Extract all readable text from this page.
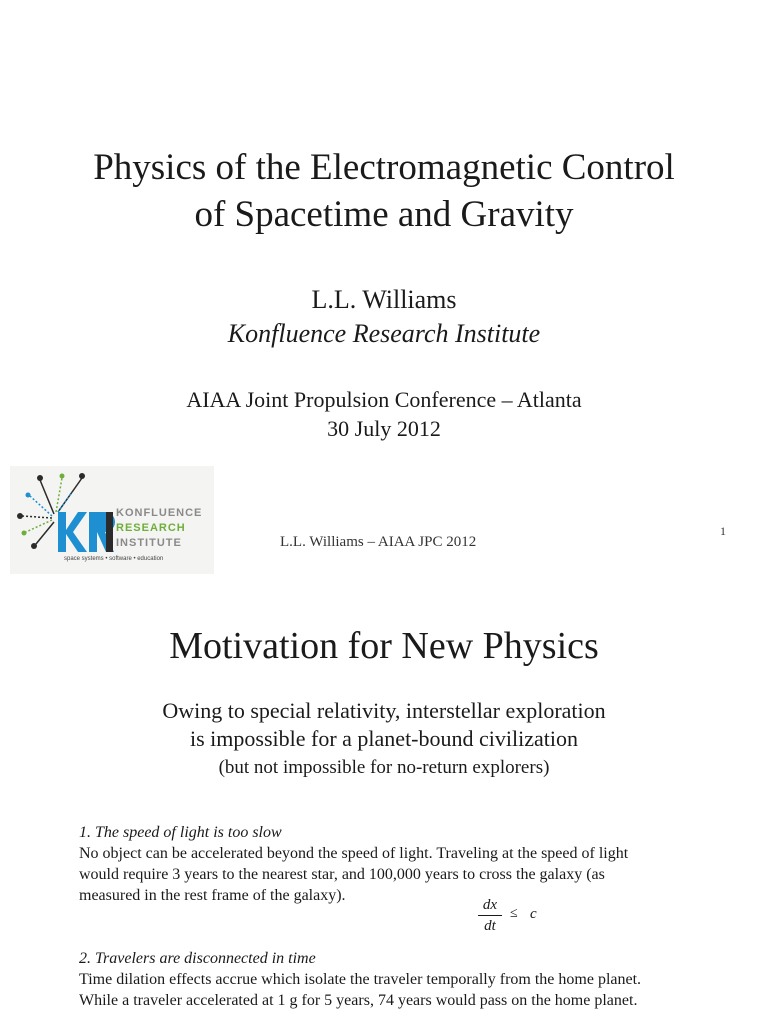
Physics of the Electromagnetic Control
of Spacetime and Gravity
L.L. Williams
Konfluence Research Institute
AIAA Joint Propulsion Conference – Atlanta
30 July 2012
KONFLUENCE
RESEARCH
INSTITUTE
space systems • software • education
L.L. Williams – AIAA JPC 2012
1
Motivation for New Physics
Owing to special relativity, interstellar exploration
is impossible for a planet-bound civilization
(but not impossible for no-return explorers)
1. The speed of light is too slow
No object can be accelerated beyond the speed of light. Traveling at the speed of light
would require 3 years to the nearest star, and 100,000 years to cross the galaxy (as
measured in the rest frame of the galaxy).
dx
dt
≤ c
2. Travelers are disconnected in time
Time dilation effects accrue which isolate the traveler temporally from the home planet.
While a traveler accelerated at 1 g for 5 years, 74 years would pass on the home planet.
